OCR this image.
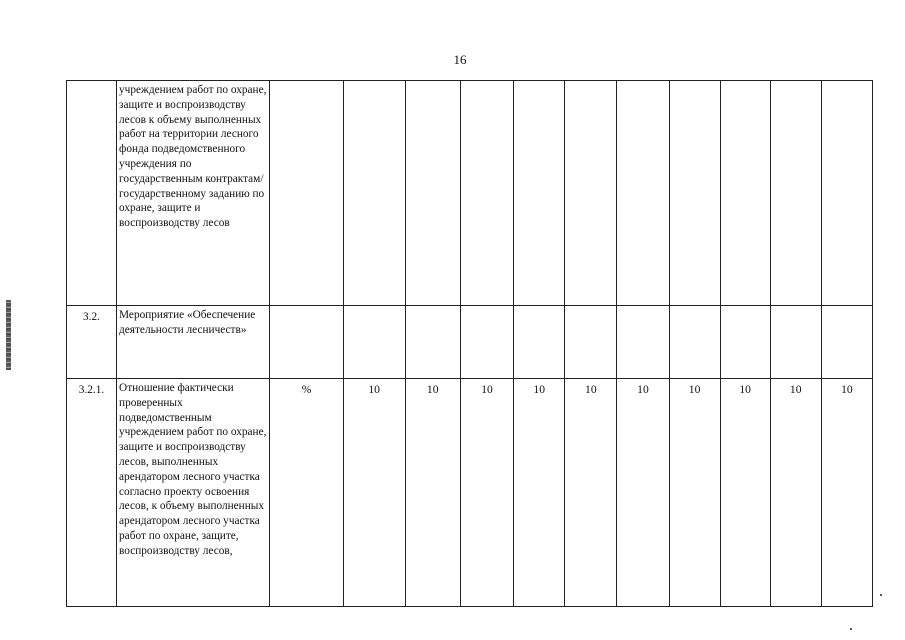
16
	учреждением работ по охране, защите и воспроизводству лесов к объему выполненных работ на территории лесного фонда подведомственного учреждения по государственным контрактам/ государственному заданию по охране, защите и воспроизводству лесов											
3.2.	Мероприятие «Обеспечение деятельности лесничеств»											
3.2.1.	Отношение фактически проверенных подведомственным учреждением работ по охране, защите и воспроизводству лесов, выполненных арендатором лесного участка согласно проекту освоения лесов, к объему выполненных арендатором лесного участка работ по охране, защите, воспроизводству лесов,	%	10	10	10	10	10	10	10	10	10	10
